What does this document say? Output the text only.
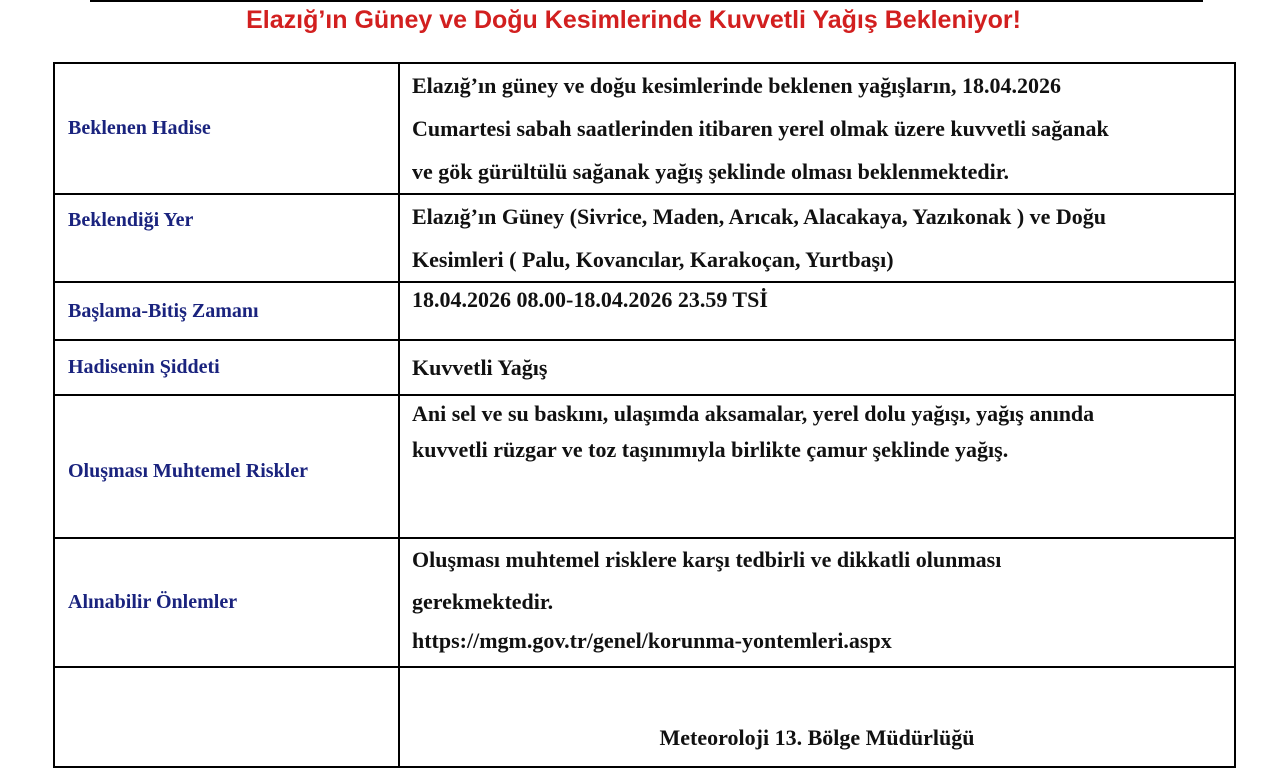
Elazığ’ın Güney ve Doğu Kesimlerinde Kuvvetli Yağış Bekleniyor!
Beklenen Hadise	Elazığ’ın güney ve doğu kesimlerinde beklenen yağışların, 18.04.2026
Cumartesi sabah saatlerinden itibaren yerel olmak üzere kuvvetli sağanak
ve gök gürültülü sağanak yağış şeklinde olması beklenmektedir.

Beklendiği Yer	Elazığ’ın Güney (Sivrice, Maden, Arıcak, Alacakaya, Yazıkonak ) ve Doğu
Kesimleri ( Palu, Kovancılar, Karakoçan, Yurtbaşı)

Başlama-Bitiş Zamanı	18.04.2026 08.00-18.04.2026 23.59 TSİ

Hadisenin Şiddeti	Kuvvetli Yağış

Oluşması Muhtemel Riskler	Ani sel ve su baskını, ulaşımda aksamalar, yerel dolu yağışı, yağış anında
kuvvetli rüzgar ve toz taşınımıyla birlikte çamur şeklinde yağış.

Alınabilir Önlemler	Oluşması muhtemel risklere karşı tedbirli ve dikkatli olunması
gerekmektedir.
https://mgm.gov.tr/genel/korunma-yontemleri.aspx

	Meteoroloji 13. Bölge Müdürlüğü
